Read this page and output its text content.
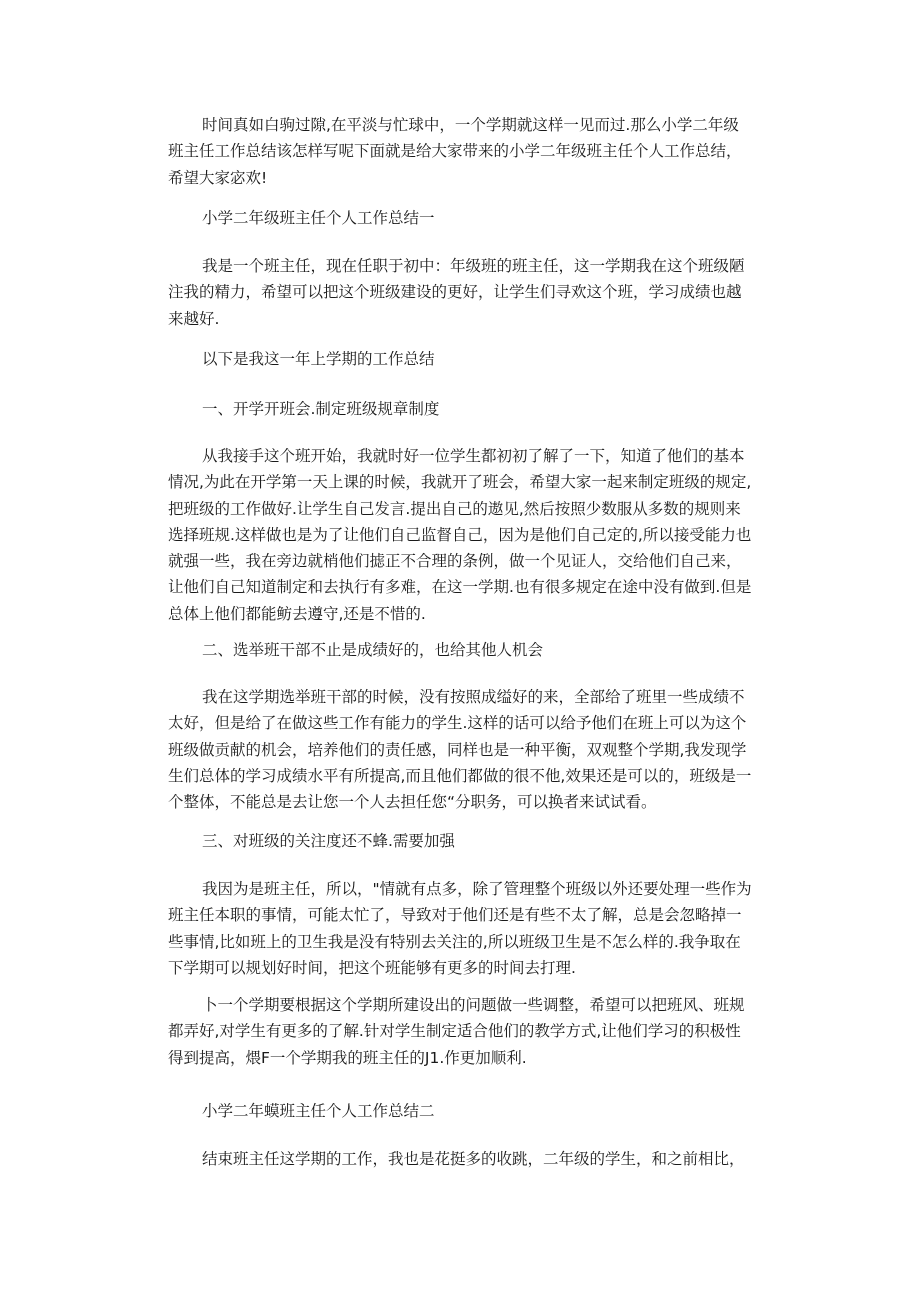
时间真如白驹过隙,在平淡与忙球中，一个学期就这样一见而过.那么小学二年级班主任工作总结该怎样写呢下面就是给大家带来的小学二年级班主任个人工作总结，希望大家宓欢!

小学二年级班主任个人工作总结一

我是一个班主任，现在任职于初中：年级班的班主任，这一学期我在这个班级陋注我的精力，希望可以把这个班级建设的更好，让学生们寻欢这个班，学习成绩也越来越好.

以下是我这一年上学期的工作总结

一、开学开班会.制定班级规章制度

从我接手这个班开始，我就时好一位学生都初初了解了一下，知道了他们的基本情况,为此在开学第一天上课的时候，我就开了班会，希望大家一起来制定班级的规定,把班级的工作做好.让学生自己发言.提出自己的遨见,然后按照少数服从多数的规则来选择班规.这样做也是为了让他们自己监督自己，因为是他们自己定的,所以接受能力也就强一些，我在旁边就梢他们摅正不合理的条例，做一个见证人，交给他们自己来，让他们自己知道制定和去执行有多难，在这一学期.也有很多规定在途中没有做到.但是总体上他们都能鲂去遵守,还是不惜的.

二、选举班干部不止是成绩好的，也给其他人机会

我在这学期选举班干部的时候，没有按照成缢好的来，全部给了班里一些成绩不太好，但是给了在做这些工作有能力的学生.这样的话可以给予他们在班上可以为这个班级做贡献的机会，培养他们的责任感，同样也是一种平衡，双观整个学期,我发现学生们总体的学习成绩水平有所提高,而且他们都做的很不他,效果还是可以的，班级是一个整体，不能总是去让您一个人去担任您“分职务，可以换者来试试看。

三、对班级的关注度还不蜂.需要加强

我因为是班主任，所以，"情就有点多，除了管理整个班级以外还要处理一些作为班主任本职的事情，可能太忙了，导致对于他们还是有些不太了解，总是会忽略掉一些事情,比如班上的卫生我是没有特别去关注的,所以班级卫生是不怎么样的.我争取在下学期可以规划好时间，把这个班能够有更多的时间去打理.

卜一个学期要根据这个学期所建设出的问题做一些调整，希望可以把班风、班规都弄好,对学生有更多的了解.针对学生制定适合他们的教学方式,让他们学习的积极性得到提高，煨F一个学期我的班主任的J1.作更加顺利.

小学二年蟆班主任个人工作总结二

结束班主任这学期的工作，我也是花挺多的收跳，二年级的学生，和之前相比，
